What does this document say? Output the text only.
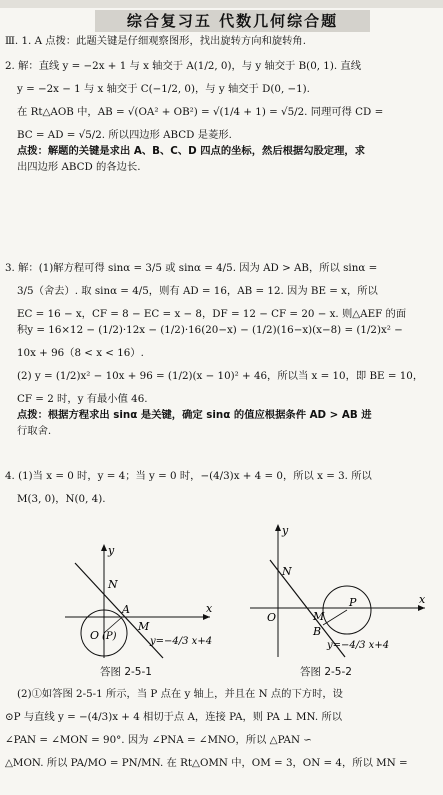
综合复习五 代数几何综合题
Ⅲ. 1. A 点拨：此题关键是仔细观察图形，找出旋转方向和旋转角.
2. 解：直线 y = −2x + 1 与 x 轴交于 A(1/2, 0)，与 y 轴交于 B(0, 1). 直线
y = −2x − 1 与 x 轴交于 C(−1/2, 0)，与 y 轴交于 D(0, −1).
在 Rt△AOB 中，AB = √(OA² + OB²) = √(1/4 + 1) = √5/2. 同理可得 CD =
BC = AD = √5/2. 所以四边形 ABCD 是菱形.
点拨：解题的关键是求出 A、B、C、D 四点的坐标，然后根据勾股定理，求
出四边形 ABCD 的各边长.
3. 解：(1)解方程可得 sinα = 3/5 或 sinα = 4/5. 因为 AD > AB，所以 sinα =
3/5（舍去）. 取 sinα = 4/5，则有 AD = 16，AB = 12. 因为 BE = x，所以
EC = 16 − x，CF = 8 − EC = x − 8，DF = 12 − CF = 20 − x. 则△AEF 的面
积y = 16×12 − (1/2)·12x − (1/2)·16(20−x) − (1/2)(16−x)(x−8) = (1/2)x² −
10x + 96（8 < x < 16）.
(2) y = (1/2)x² − 10x + 96 = (1/2)(x − 10)² + 46，所以当 x = 10，即 BE = 10，
CF = 2 时，y 有最小值 46.
点拨：根据方程求出 sinα 是关键，确定 sinα 的值应根据条件 AD > AB 进
行取舍.
4. (1)当 x = 0 时，y = 4；当 y = 0 时，−(4/3)x + 4 = 0，所以 x = 3. 所以
M(3, 0)，N(0, 4).
y
x
N
A
M
O (P)	y=−4/3 x+4
答图 2-5-1
y
x
N
P
M
O
B
y=−4/3 x+4
答图 2-5-2
(2)①如答图 2-5-1 所示，当 P 点在 y 轴上，并且在 N 点的下方时，设
⊙P 与直线 y = −(4/3)x + 4 相切于点 A，连接 PA，则 PA ⊥ MN. 所以
∠PAN = ∠MON = 90°. 因为 ∠PNA = ∠MNO，所以 △PAN ∽
△MON. 所以 PA/MO = PN/MN. 在 Rt△OMN 中，OM = 3，ON = 4，所以 MN =
